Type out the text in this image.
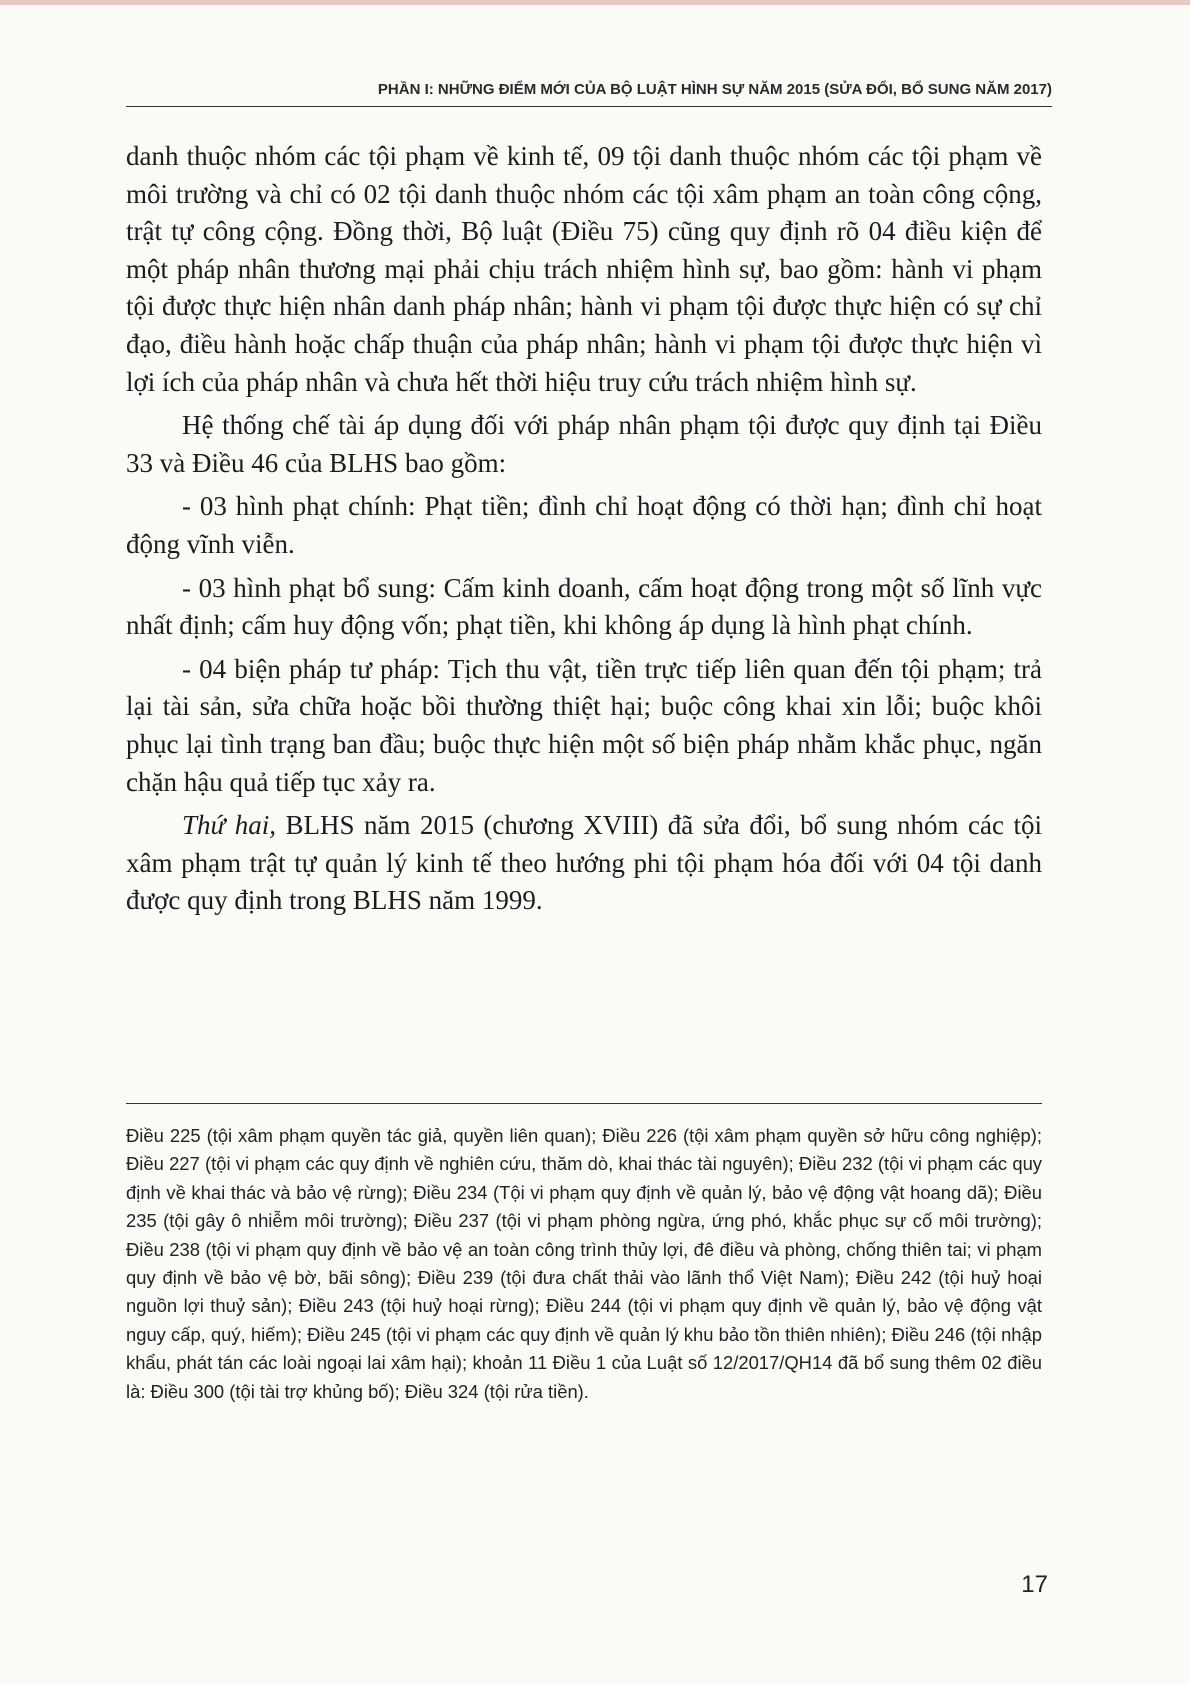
PHẦN I: NHỮNG ĐIỂM MỚI CỦA BỘ LUẬT HÌNH SỰ NĂM 2015 (SỬA ĐỔI, BỔ SUNG NĂM 2017)

danh thuộc nhóm các tội phạm về kinh tế, 09 tội danh thuộc nhóm các tội phạm về môi trường và chỉ có 02 tội danh thuộc nhóm các tội xâm phạm an toàn công cộng, trật tự công cộng. Đồng thời, Bộ luật (Điều 75) cũng quy định rõ 04 điều kiện để một pháp nhân thương mại phải chịu trách nhiệm hình sự, bao gồm: hành vi phạm tội được thực hiện nhân danh pháp nhân; hành vi phạm tội được thực hiện có sự chỉ đạo, điều hành hoặc chấp thuận của pháp nhân; hành vi phạm tội được thực hiện vì lợi ích của pháp nhân và chưa hết thời hiệu truy cứu trách nhiệm hình sự.

Hệ thống chế tài áp dụng đối với pháp nhân phạm tội được quy định tại Điều 33 và Điều 46 của BLHS bao gồm:

- 03 hình phạt chính: Phạt tiền; đình chỉ hoạt động có thời hạn; đình chỉ hoạt động vĩnh viễn.

- 03 hình phạt bổ sung: Cấm kinh doanh, cấm hoạt động trong một số lĩnh vực nhất định; cấm huy động vốn; phạt tiền, khi không áp dụng là hình phạt chính.

- 04 biện pháp tư pháp: Tịch thu vật, tiền trực tiếp liên quan đến tội phạm; trả lại tài sản, sửa chữa hoặc bồi thường thiệt hại; buộc công khai xin lỗi; buộc khôi phục lại tình trạng ban đầu; buộc thực hiện một số biện pháp nhằm khắc phục, ngăn chặn hậu quả tiếp tục xảy ra.

Thứ hai, BLHS năm 2015 (chương XVIII) đã sửa đổi, bổ sung nhóm các tội xâm phạm trật tự quản lý kinh tế theo hướng phi tội phạm hóa đối với 04 tội danh được quy định trong BLHS năm 1999.

Điều 225 (tội xâm phạm quyền tác giả, quyền liên quan); Điều 226 (tội xâm phạm quyền sở hữu công nghiệp); Điều 227 (tội vi phạm các quy định về nghiên cứu, thăm dò, khai thác tài nguyên); Điều 232 (tội vi phạm các quy định về khai thác và bảo vệ rừng); Điều 234 (Tội vi phạm quy định về quản lý, bảo vệ động vật hoang dã); Điều 235 (tội gây ô nhiễm môi trường); Điều 237 (tội vi phạm phòng ngừa, ứng phó, khắc phục sự cố môi trường); Điều 238 (tội vi phạm quy định về bảo vệ an toàn công trình thủy lợi, đê điều và phòng, chống thiên tai; vi phạm quy định về bảo vệ bờ, bãi sông); Điều 239 (tội đưa chất thải vào lãnh thổ Việt Nam); Điều 242 (tội huỷ hoại nguồn lợi thuỷ sản); Điều 243 (tội huỷ hoại rừng); Điều 244 (tội vi phạm quy định về quản lý, bảo vệ động vật nguy cấp, quý, hiếm); Điều 245 (tội vi phạm các quy định về quản lý khu bảo tồn thiên nhiên); Điều 246 (tội nhập khẩu, phát tán các loài ngoại lai xâm hại); khoản 11 Điều 1 của Luật số 12/2017/QH14 đã bổ sung thêm 02 điều là: Điều 300 (tội tài trợ khủng bố); Điều 324 (tội rửa tiền).

17
